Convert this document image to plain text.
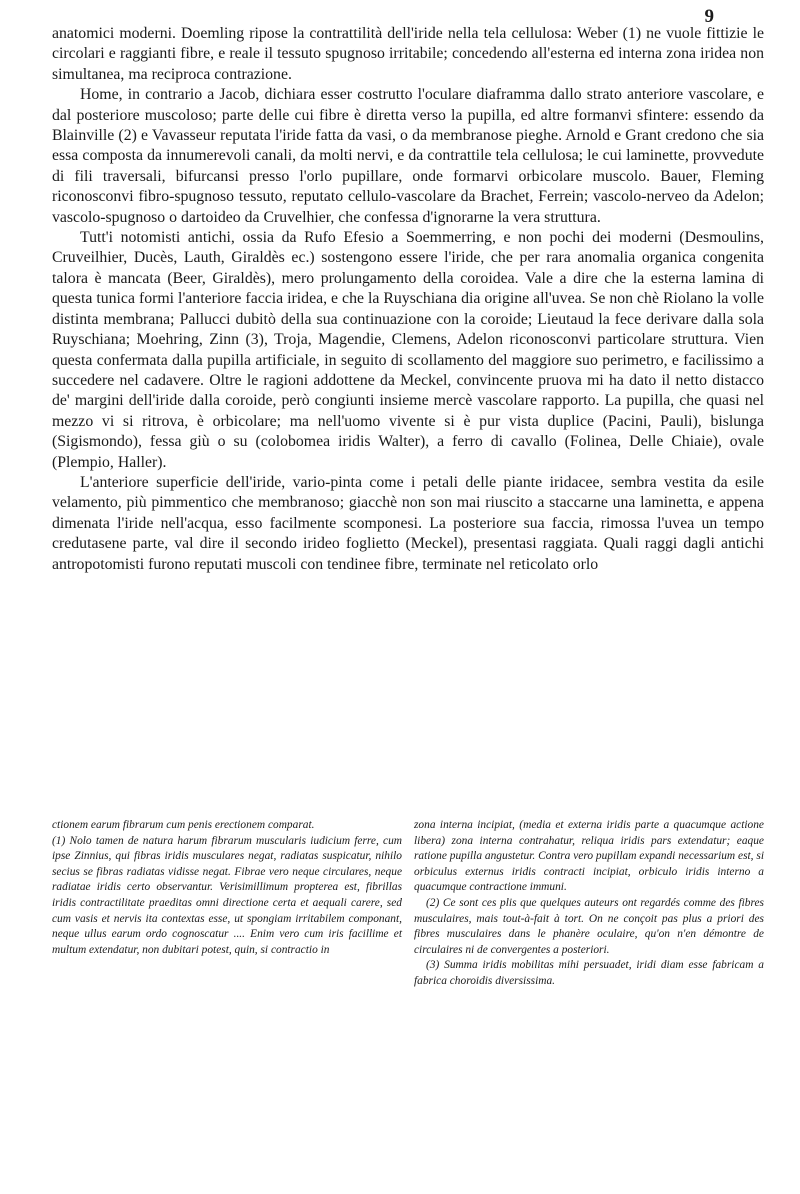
9

anatomici moderni. Doemling ripose la contrattilità dell'iride nella tela cellulosa: Weber (1) ne vuole fittizie le circolari e raggianti fibre, e reale il tessuto spugnoso irritabile; concedendo all'esterna ed interna zona iridea non simultanea, ma reciproca contrazione.

Home, in contrario a Jacob, dichiara esser costrutto l'oculare diaframma dallo strato anteriore vascolare, e dal posteriore muscoloso; parte delle cui fibre è diretta verso la pupilla, ed altre formanvi sfintere: essendo da Blainville (2) e Vavasseur reputata l'iride fatta da vasi, o da membranose pieghe. Arnold e Grant credono che sia essa composta da innumerevoli canali, da molti nervi, e da contrattile tela cellulosa; le cui laminette, provvedute di fili traversali, bifurcansi presso l'orlo pupillare, onde formarvi orbicolare muscolo. Bauer, Fleming riconosconvi fibro-spugnoso tessuto, reputato cellulo-vascolare da Brachet, Ferrein; vascolo-nerveo da Adelon; vascolo-spugnoso o dartoideo da Cruvelhier, che confessa d'ignorarne la vera struttura.

Tutt'i notomisti antichi, ossia da Rufo Efesio a Soemmerring, e non pochi dei moderni (Desmoulins, Cruveilhier, Ducès, Lauth, Giraldès ec.) sostengono essere l'iride, che per rara anomalia organica congenita talora è mancata (Beer, Giraldès), mero prolungamento della coroidea. Vale a dire che la esterna lamina di questa tunica formi l'anteriore faccia iridea, e che la Ruyschiana dia origine all'uvea. Se non chè Riolano la volle distinta membrana; Pallucci dubitò della sua continuazione con la coroide; Lieutaud la fece derivare dalla sola Ruyschiana; Moehring, Zinn (3), Troja, Magendie, Clemens, Adelon riconosconvi particolare struttura. Vien questa confermata dalla pupilla artificiale, in seguito di scollamento del maggiore suo perimetro, e facilissimo a succedere nel cadavere. Oltre le ragioni addottene da Meckel, convincente pruova mi ha dato il netto distacco de' margini dell'iride dalla coroide, però congiunti insieme mercè vascolare rapporto. La pupilla, che quasi nel mezzo vi si ritrova, è orbicolare; ma nell'uomo vivente si è pur vista duplice (Pacini, Pauli), bislunga (Sigismondo), fessa giù o su (colobomea iridis Walter), a ferro di cavallo (Folinea, Delle Chiaie), ovale (Plempio, Haller).

L'anteriore superficie dell'iride, vario-pinta come i petali delle piante iridacee, sembra vestita da esile velamento, più pimmentico che membranoso; giacchè non son mai riuscito a staccarne una laminetta, e appena dimenata l'iride nell'acqua, esso facilmente scomponesi. La posteriore sua faccia, rimossa l'uvea un tempo credutasene parte, val dire il secondo irideo foglietto (Meckel), presentasi raggiata. Quali raggi dagli antichi antropotomisti furono reputati muscoli con tendinee fibre, terminate nel reticolato orlo

ctionem earum fibrarum cum penis erectionem comparat.

(1) Nolo tamen de natura harum fibrarum muscularis iudicium ferre, cum ipse Zinnius, qui fibras iridis musculares negat, radiatas suspicatur, nihilo secius se fibras radiatas vidisse negat. Fibrae vero neque circulares, neque radiatae iridis certo observantur. Verisimillimum propterea est, fibrillas iridis contractilitate praeditas omni directione certa et aequali carere, sed cum vasis et nervis ita contextas esse, ut spongiam irritabilem componant, neque ullus earum ordo cognoscatur .... Enim vero cum iris facillime et multum extendatur, non dubitari potest, quin, si contractio in

zona interna incipiat, (media et externa iridis parte a quacumque actione libera) zona interna contrahatur, reliqua iridis pars extendatur; eaque ratione pupilla angustetur. Contra vero pupillam expandi necessarium est, si orbiculus externus iridis contracti incipiat, orbiculo iridis interno a quacumque contractione immuni.

(2) Ce sont ces plis que quelques auteurs ont regardés comme des fibres musculaires, mais tout-à-fait à tort. On ne conçoit pas plus a priori des fibres musculaires dans le phanère oculaire, qu'on n'en démontre de circulaires ni de convergentes a posteriori.

(3) Summa iridis mobilitas mihi persuadet, iridi diam esse fabricam a fabrica choroidis diversissima.
